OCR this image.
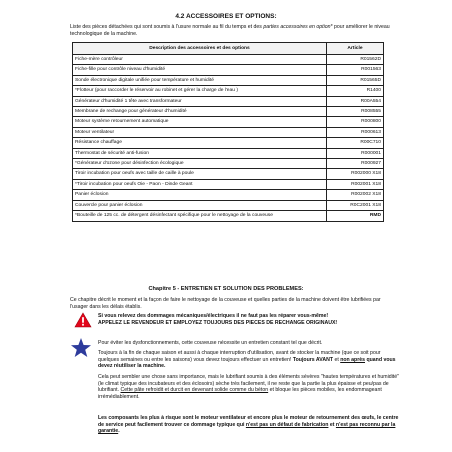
4.2 ACCESSOIRES ET OPTIONS:
Liste des pièces détachées qui sont soumis à l'usure normale au fil du temps et des parties accessoires en option* pour améliorer le niveau technologique de la machine.
Description des accessoires et des options	Article
Fiche-mère contrôleur	R01562D
Fiche-fille pour contrôle niveau d'humidité	R001563
Sonde électronique digitale unifiée pour température et humidité	R01565D
*Flotteur (pour raccorder le réservoir au robinet et gérer la charge de l'eau )	R1400
Générateur d'humidité 1 tête avec transformateur	R00A554
Membrane de rechange pour générateur d'humidité	R008555
Moteur système retournement automatique	R000800
Moteur ventilateur	R000613
Résistance chauffage	R00C710
Thermostat de sécurité anti-fusion	R000001
*Générateur d'ozone pour désinfection écologique	R000927
Tiroir incubation pour oeufs avec taille de caille à poule	R002000 X18
*Tiroir incubation pour oeufs Oie - Paon - Dinde Geant	R002001 X18
Panier éclosion	R002002 X18
Couvercle pour panier éclosion	R0C2001 X18
*Bouteille de 125 cc. de détergent désinfectant spécifique pour le nettoyage de la couveuse	RMD
Chapitre 5 - ENTRETIEN ET SOLUTION DES PROBLEMES:
Ce chapitre décrit le moment et la façon de faire le nettoyage de la couveuse et quelles parties de la machine doivent être lubrifiées par l'usager dans les délais établis.
Si vous relevez des dommages mécaniques/électriques il ne faut pas les réparer vous-même!
APPELEZ LE REVENDEUR ET EMPLOYEZ TOUJOURS DES PIECES DE RECHANGE ORIGINAUX!
Pour éviter les dysfonctionnements, cette couveuse nécessite un entretien constant tel que décrit.
Toujours à la fin de chaque saison et aussi à chaque interruption d'utilisation, avant de stocker la machine (que ce soit pour quelques semaines ou entre les saisons) vous devez toujours effectuer un entretien! Toujours AVANT et non après quand vous devez réutiliser la machine.
Cela peut sembler une chose sans importance, mais le lubrifiant soumis à des éléments sévères "hautes températures et humidité" (le climat typique des incubateurs et des éclosoirs) sèche très facilement, il ne reste que la partie la plus épaisse et peu/pas de lubrifiant. Cette pâte refroidit et durcit en devenant solide comme du béton et bloque les pièces mobiles, les endommageant irrémédiablement.
Les composants les plus à risque sont le moteur ventilateur et encore plus le moteur de retournement des œufs, le centre de service peut facilement trouver ce dommage typique qui n'est pas un défaut de fabrication et n'est pas reconnu par la garantie.
